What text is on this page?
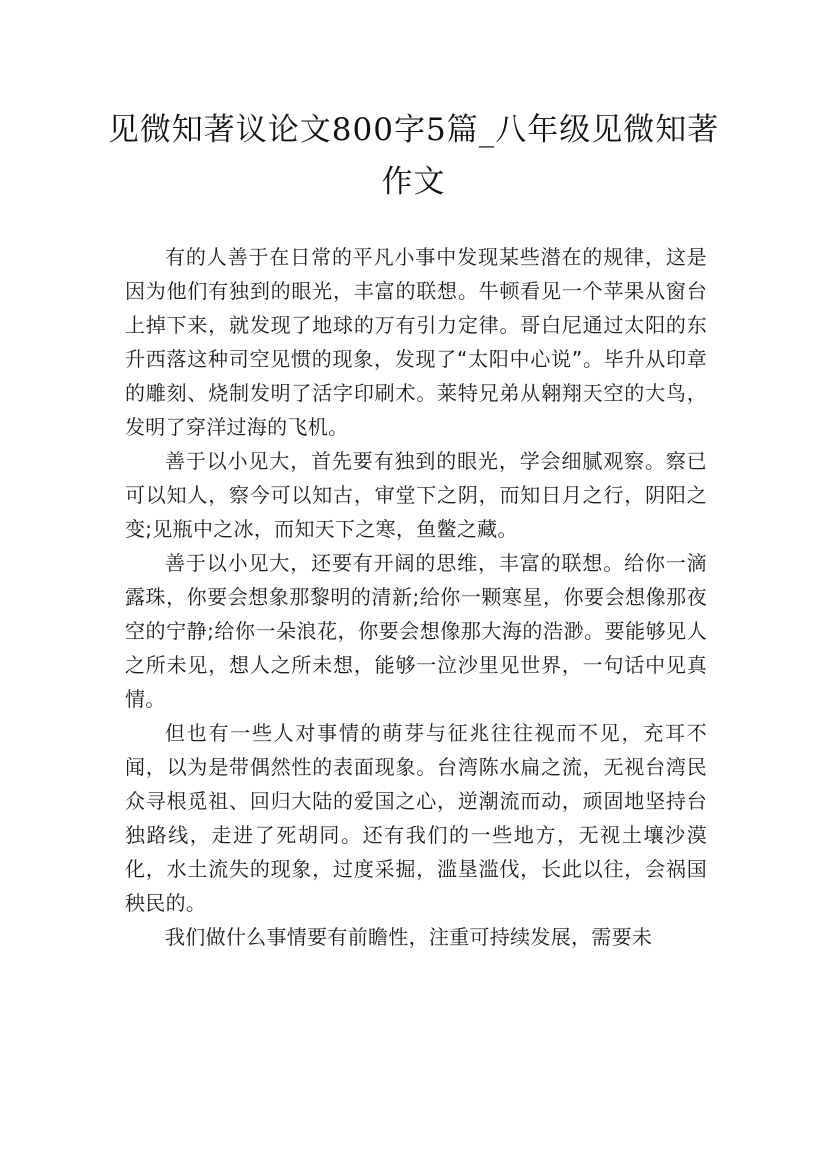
见微知著议论文800字5篇_八年级见微知著作文

有的人善于在日常的平凡小事中发现某些潜在的规律，这是因为他们有独到的眼光，丰富的联想。牛顿看见一个苹果从窗台上掉下来，就发现了地球的万有引力定律。哥白尼通过太阳的东升西落这种司空见惯的现象，发现了“太阳中心说”。毕升从印章的雕刻、烧制发明了活字印刷术。莱特兄弟从翱翔天空的大鸟，发明了穿洋过海的飞机。

善于以小见大，首先要有独到的眼光，学会细腻观察。察已可以知人，察今可以知古，审堂下之阴，而知日月之行，阴阳之变;见瓶中之冰，而知天下之寒，鱼鳖之藏。

善于以小见大，还要有开阔的思维，丰富的联想。给你一滴露珠，你要会想象那黎明的清新;给你一颗寒星，你要会想像那夜空的宁静;给你一朵浪花，你要会想像那大海的浩渺。要能够见人之所未见，想人之所未想，能够一泣沙里见世界，一句话中见真情。

但也有一些人对事情的萌芽与征兆往往视而不见，充耳不闻，以为是带偶然性的表面现象。台湾陈水扁之流，无视台湾民众寻根觅祖、回归大陆的爱国之心，逆潮流而动，顽固地坚持台独路线，走进了死胡同。还有我们的一些地方，无视土壤沙漠化，水土流失的现象，过度采掘，滥垦滥伐，长此以往，会祸国秧民的。

我们做什么事情要有前瞻性，注重可持续发展，需要未
